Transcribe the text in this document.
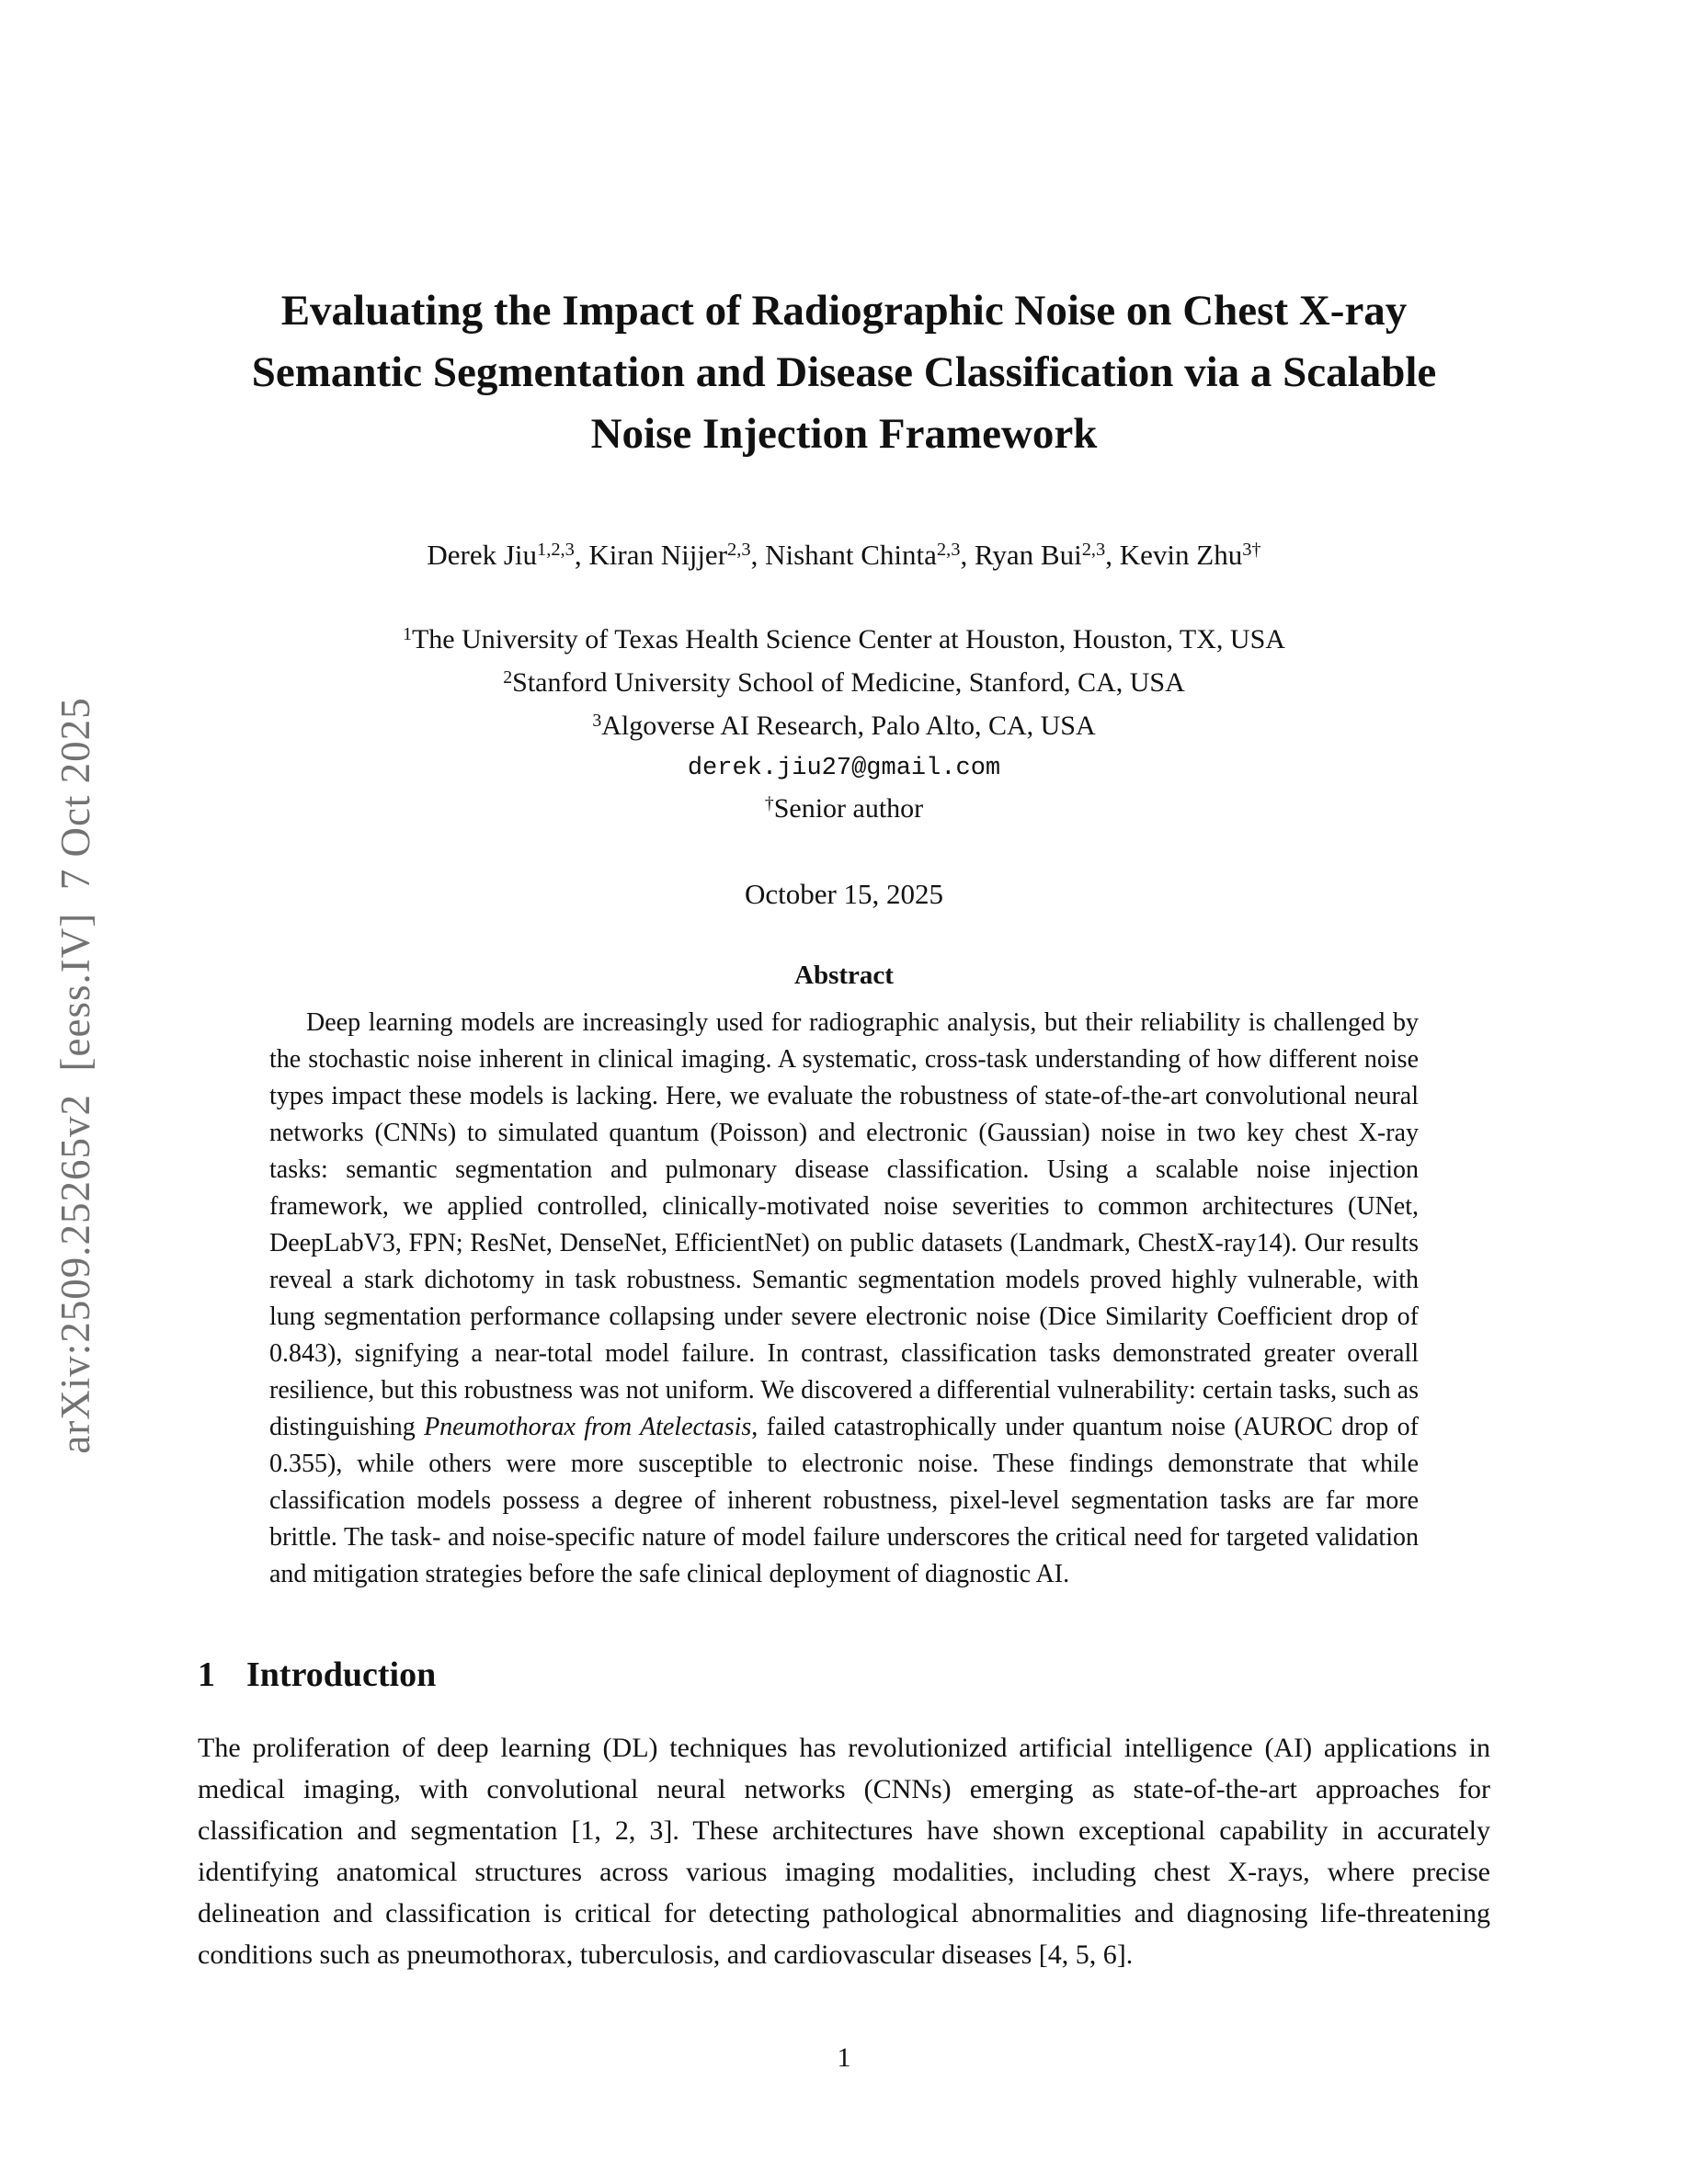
arXiv:2509.25265v2  [eess.IV]  7 Oct 2025
Evaluating the Impact of Radiographic Noise on Chest X-ray
Semantic Segmentation and Disease Classification via a Scalable
Noise Injection Framework
Derek Jiu$^{1,2,3}$, Kiran Nijjer$^{2,3}$, Nishant Chinta$^{2,3}$, Ryan Bui$^{2,3}$, Kevin Zhu$^{3\dagger}$
$^1$The University of Texas Health Science Center at Houston, Houston, TX, USA
$^2$Stanford University School of Medicine, Stanford, CA, USA
$^3$Algoverse AI Research, Palo Alto, CA, USA
derek.jiu27@gmail.com
†Senior author
October 15, 2025
Abstract

Deep learning models are increasingly used for radiographic analysis, but their reliability is challenged by the stochastic noise inherent in clinical imaging. A systematic, cross-task understanding of how different noise types impact these models is lacking. Here, we evaluate the robustness of state-of-the-art convolutional neural networks (CNNs) to simulated quantum (Poisson) and electronic (Gaussian) noise in two key chest X-ray tasks: semantic segmentation and pulmonary disease classification. Using a scalable noise injection framework, we applied controlled, clinically-motivated noise severities to common architectures (UNet, DeepLabV3, FPN; ResNet, DenseNet, EfficientNet) on public datasets (Landmark, ChestX-ray14). Our results reveal a stark dichotomy in task robustness. Semantic segmentation models proved highly vulnerable, with lung segmentation performance collapsing under severe electronic noise (Dice Similarity Coefficient drop of 0.843), signifying a near-total model failure. In contrast, classification tasks demonstrated greater overall resilience, but this robustness was not uniform. We discovered a differential vulnerability: certain tasks, such as distinguishing Pneumothorax from Atelectasis, failed catastrophically under quantum noise (AUROC drop of 0.355), while others were more susceptible to electronic noise. These findings demonstrate that while classification models possess a degree of inherent robustness, pixel-level segmentation tasks are far more brittle. The task- and noise-specific nature of model failure underscores the critical need for targeted validation and mitigation strategies before the safe clinical deployment of diagnostic AI.

1 Introduction

The proliferation of deep learning (DL) techniques has revolutionized artificial intelligence (AI) applications in medical imaging, with convolutional neural networks (CNNs) emerging as state-of-the-art approaches for classification and segmentation [1, 2, 3]. These architectures have shown exceptional capability in accurately identifying anatomical structures across various imaging modalities, including chest X-rays, where precise delineation and classification is critical for detecting pathological abnormalities and diagnosing life-threatening conditions such as pneumothorax, tuberculosis, and cardiovascular diseases [4, 5, 6].

1
